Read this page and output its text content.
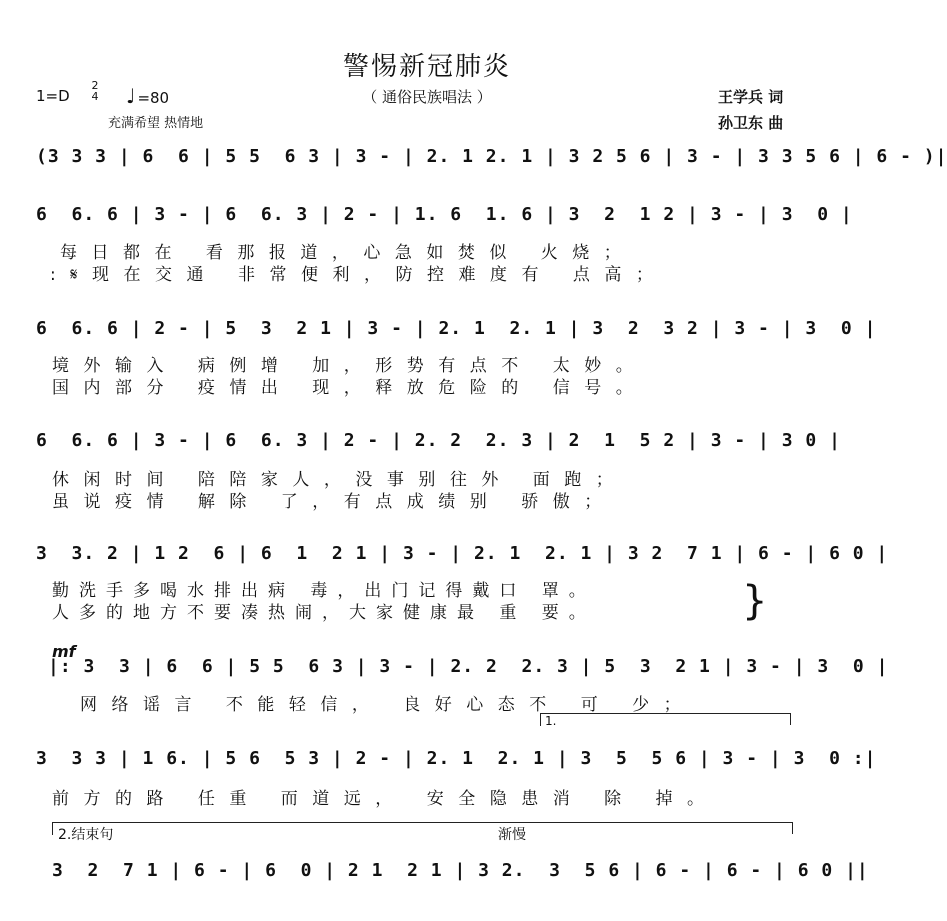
警惕新冠肺炎
（ 通俗民族唱法 ）
1=D
2
4 ♩ =80
充满希望 热情地
王学兵 词
孙卫东 曲
(3 3 3 | 6  6 | 5 5  6 3 | 3 - | 2. 1 2. 1 | 3 2 5 6 | 3 - | 3 3 5 6 | 6 - )|
6  6. 6 | 3 - | 6  6. 3 | 2 - | 1. 6  1. 6 | 3  2  1 2 | 3 - | 3  0 |
每日都在 看那报道，心急如焚似 火烧；
:𝄋现在交通 非常便利，防控难度有 点高；
6  6. 6 | 2 - | 5  3  2 1 | 3 - | 2. 1  2. 1 | 3  2  3 2 | 3 - | 3  0 |
境外输入 病例增 加，形势有点不 太妙。
国内部分 疫情出 现，释放危险的 信号。
6  6. 6 | 3 - | 6  6. 3 | 2 - | 2. 2  2. 3 | 2  1  5 2 | 3 - | 3 0 |
休闲时间 陪陪家人，没事别往外 面跑；
虽说疫情 解除 了，有点成绩别 骄傲；
3  3. 2 | 1 2  6 | 6  1  2 1 | 3 - | 2. 1  2. 1 | 3 2  7 1 | 6 - | 6 0 |
勤洗手多喝水排出病 毒，出门记得戴口 罩。
人多的地方不要凑热闹，大家健康最 重 要。	}
mf
|: 3  3 | 6  6 | 5 5  6 3 | 3 - | 2. 2  2. 3 | 5  3  2 1 | 3 - | 3  0 |
网络谣言 不能轻信， 良好心态不 可 少；
1.
3  3 3 | 1 6. | 5 6  5 3 | 2 - | 2. 1  2. 1 | 3  5  5 6 | 3 - | 3  0 :|
前方的路 任重 而道远， 安全隐患消 除 掉。
2.结束句	渐慢
3  2  7 1 | 6 - | 6  0 | 2 1  2 1 | 3 2.  3  5 6 | 6 - | 6 - | 6 0 ||
